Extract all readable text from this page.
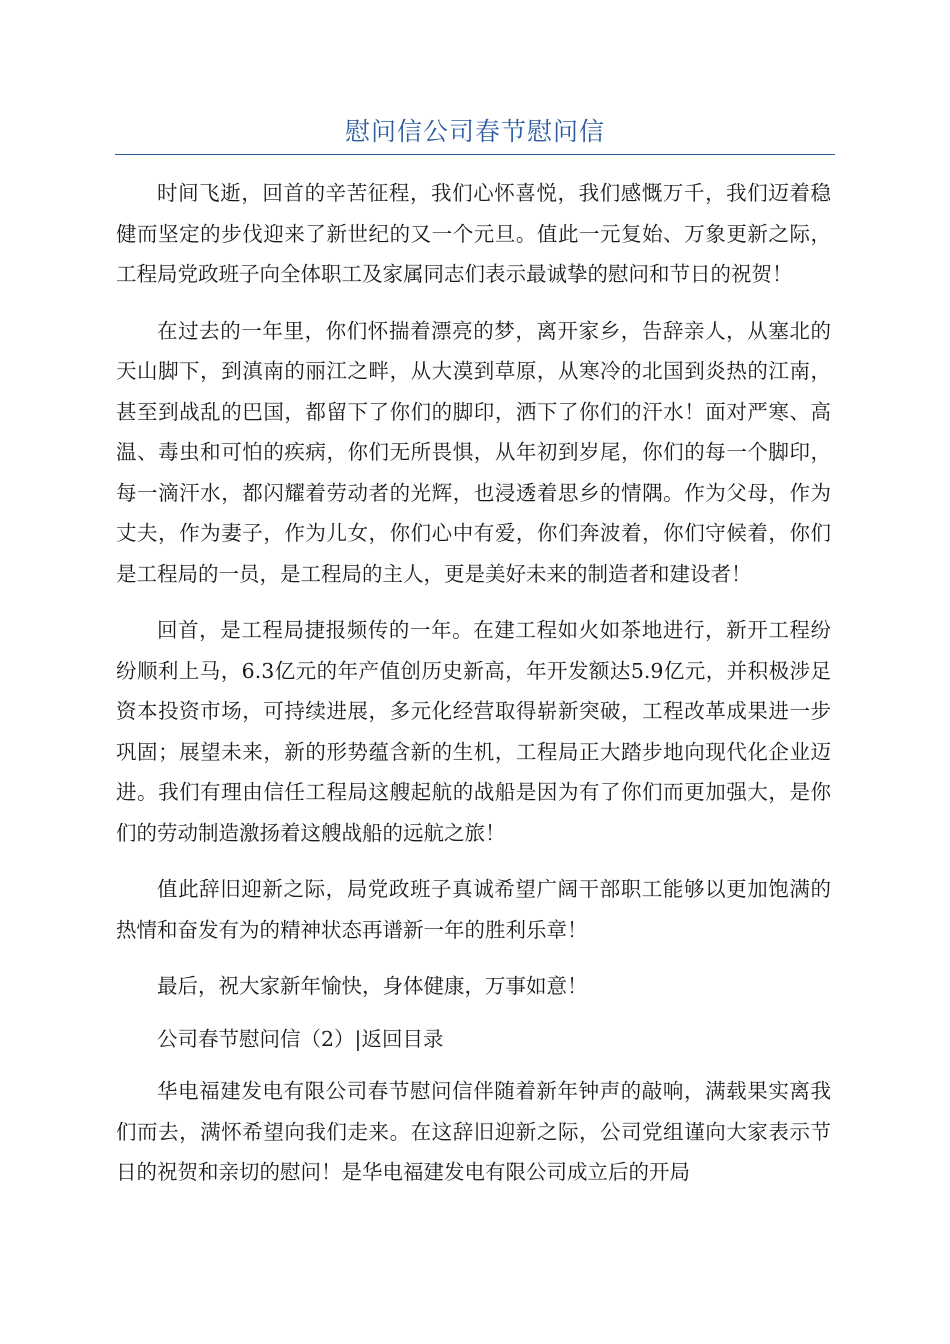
慰问信公司春节慰问信

时间飞逝，回首的辛苦征程，我们心怀喜悦，我们感慨万千，我们迈着稳健而坚定的步伐迎来了新世纪的又一个元旦。值此一元复始、万象更新之际，工程局党政班子向全体职工及家属同志们表示最诚挚的慰问和节日的祝贺！

在过去的一年里，你们怀揣着漂亮的梦，离开家乡，告辞亲人，从塞北的天山脚下，到滇南的丽江之畔，从大漠到草原，从寒冷的北国到炎热的江南，甚至到战乱的巴国，都留下了你们的脚印，洒下了你们的汗水！面对严寒、高温、毒虫和可怕的疾病，你们无所畏惧，从年初到岁尾，你们的每一个脚印，每一滴汗水，都闪耀着劳动者的光辉，也浸透着思乡的情隅。作为父母，作为丈夫，作为妻子，作为儿女，你们心中有爱，你们奔波着，你们守候着，你们是工程局的一员，是工程局的主人，更是美好未来的制造者和建设者！

回首，是工程局捷报频传的一年。在建工程如火如茶地进行，新开工程纷纷顺利上马，6.3亿元的年产值创历史新高，年开发额达5.9亿元，并积极涉足资本投资市场，可持续进展，多元化经营取得崭新突破，工程改革成果进一步巩固；展望未来，新的形势蕴含新的生机，工程局正大踏步地向现代化企业迈进。我们有理由信任工程局这艘起航的战船是因为有了你们而更加强大，是你们的劳动制造激扬着这艘战船的远航之旅！

值此辞旧迎新之际，局党政班子真诚希望广阔干部职工能够以更加饱满的热情和奋发有为的精神状态再谱新一年的胜利乐章！

最后，祝大家新年愉快，身体健康，万事如意！

公司春节慰问信（2）|返回目录

华电福建发电有限公司春节慰问信伴随着新年钟声的敲响，满载果实离我们而去，满怀希望向我们走来。在这辞旧迎新之际，公司党组谨向大家表示节日的祝贺和亲切的慰问！是华电福建发电有限公司成立后的开局
